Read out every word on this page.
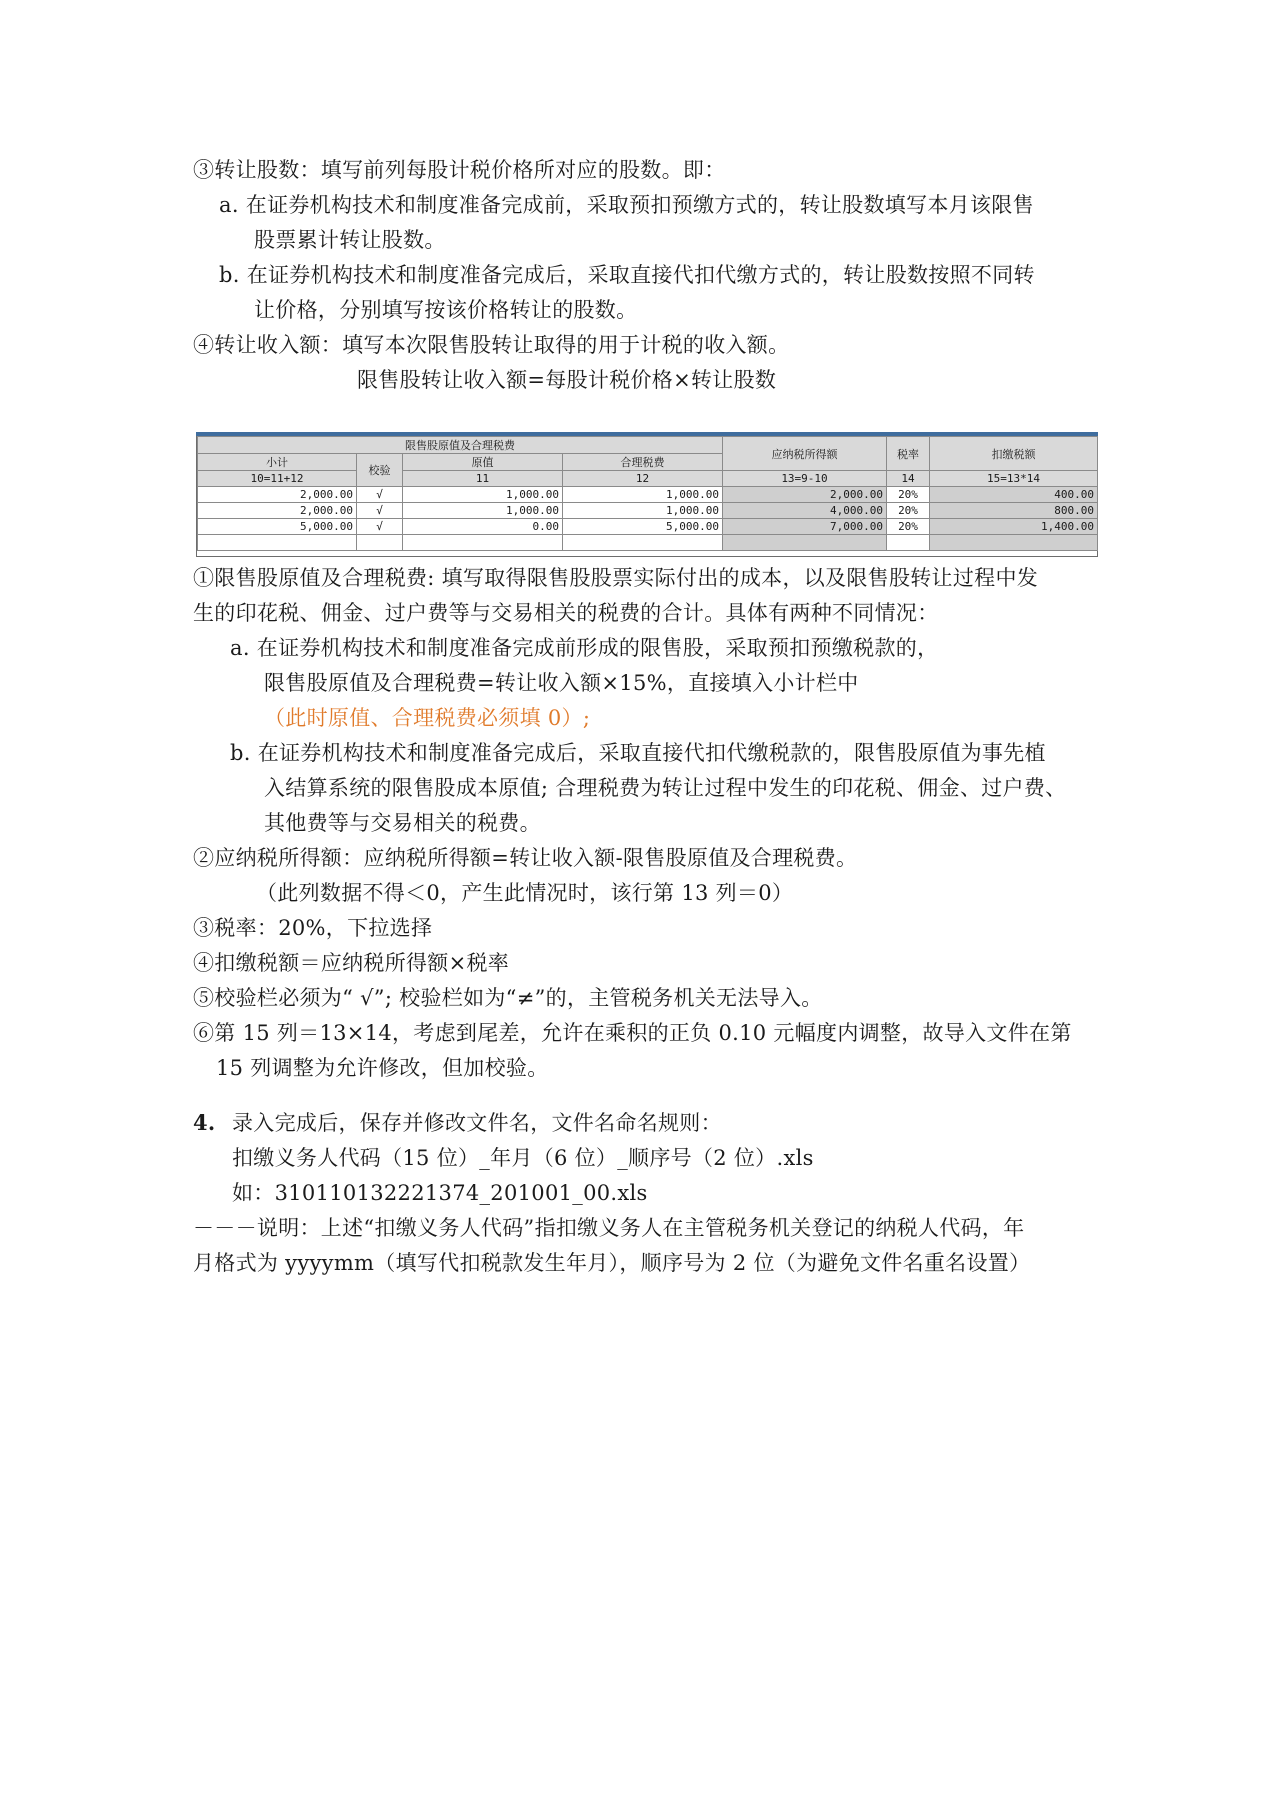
③转让股数：填写前列每股计税价格所对应的股数。即：
a. 在证券机构技术和制度准备完成前，采取预扣预缴方式的，转让股数填写本月该限售
股票累计转让股数。
b. 在证券机构技术和制度准备完成后，采取直接代扣代缴方式的，转让股数按照不同转
让价格，分别填写按该价格转让的股数。
④转让收入额：填写本次限售股转让取得的用于计税的收入额。
限售股转让收入额=每股计税价格×转让股数
限售股原值及合理税费				应纳税所得额	税率	扣缴税额
小计	校验	原值	合理税费			
10=11+12		11	12	13=9-10	14	15=13*14
2,000.00	√	1,000.00	1,000.00	2,000.00	20%	400.00
2,000.00	√	1,000.00	1,000.00	4,000.00	20%	800.00
5,000.00	√	0.00	5,000.00	7,000.00	20%	1,400.00

①限售股原值及合理税费: 填写取得限售股股票实际付出的成本，以及限售股转让过程中发
生的印花税、佣金、过户费等与交易相关的税费的合计。具体有两种不同情况：
a. 在证券机构技术和制度准备完成前形成的限售股，采取预扣预缴税款的，
限售股原值及合理税费=转让收入额×15%，直接填入小计栏中
（此时原值、合理税费必须填 0）;
b. 在证券机构技术和制度准备完成后，采取直接代扣代缴税款的，限售股原值为事先植
入结算系统的限售股成本原值; 合理税费为转让过程中发生的印花税、佣金、过户费、
其他费等与交易相关的税费。
②应纳税所得额：应纳税所得额=转让收入额-限售股原值及合理税费。
（此列数据不得＜0，产生此情况时，该行第 13 列＝0）
③税率：20%，下拉选择
④扣缴税额＝应纳税所得额×税率
⑤校验栏必须为“ √”; 校验栏如为“≠”的，主管税务机关无法导入。
⑥第 15 列＝13×14，考虑到尾差，允许在乘积的正负 0.10 元幅度内调整，故导入文件在第
15 列调整为允许修改，但加校验。
4. 录入完成后，保存并修改文件名，文件名命名规则：
扣缴义务人代码（15 位）_年月（6 位）_顺序号（2 位）.xls
如：310110132221374_201001_00.xls
－－－说明：上述“扣缴义务人代码”指扣缴义务人在主管税务机关登记的纳税人代码，年
月格式为 yyyymm（填写代扣税款发生年月），顺序号为 2 位（为避免文件名重名设置）
